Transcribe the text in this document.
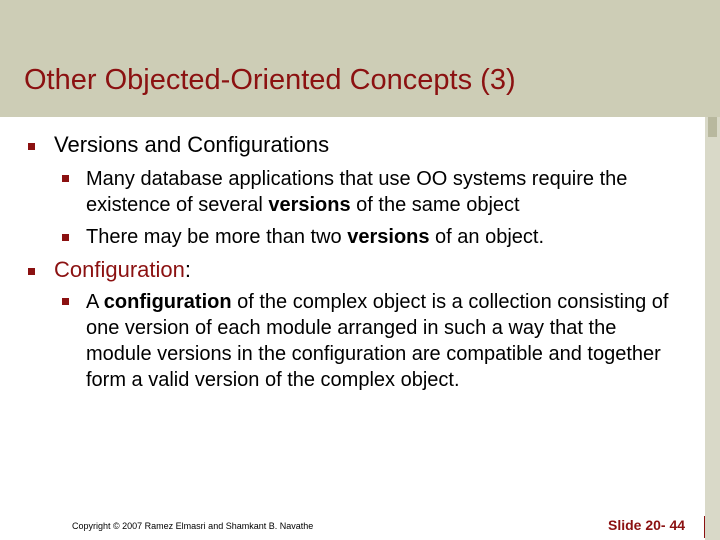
Other Objected-Oriented Concepts (3)
Versions and Configurations
Many database applications that use OO systems require the existence of several versions of the same object
There may be more than two versions of an object.
Configuration:
A configuration of the complex object is a collection consisting of one version of each module arranged in such a way that the module versions in the configuration are compatible and together form a valid version of the complex object.
Copyright © 2007 Ramez Elmasri and Shamkant B. Navathe	Slide 20- 44
